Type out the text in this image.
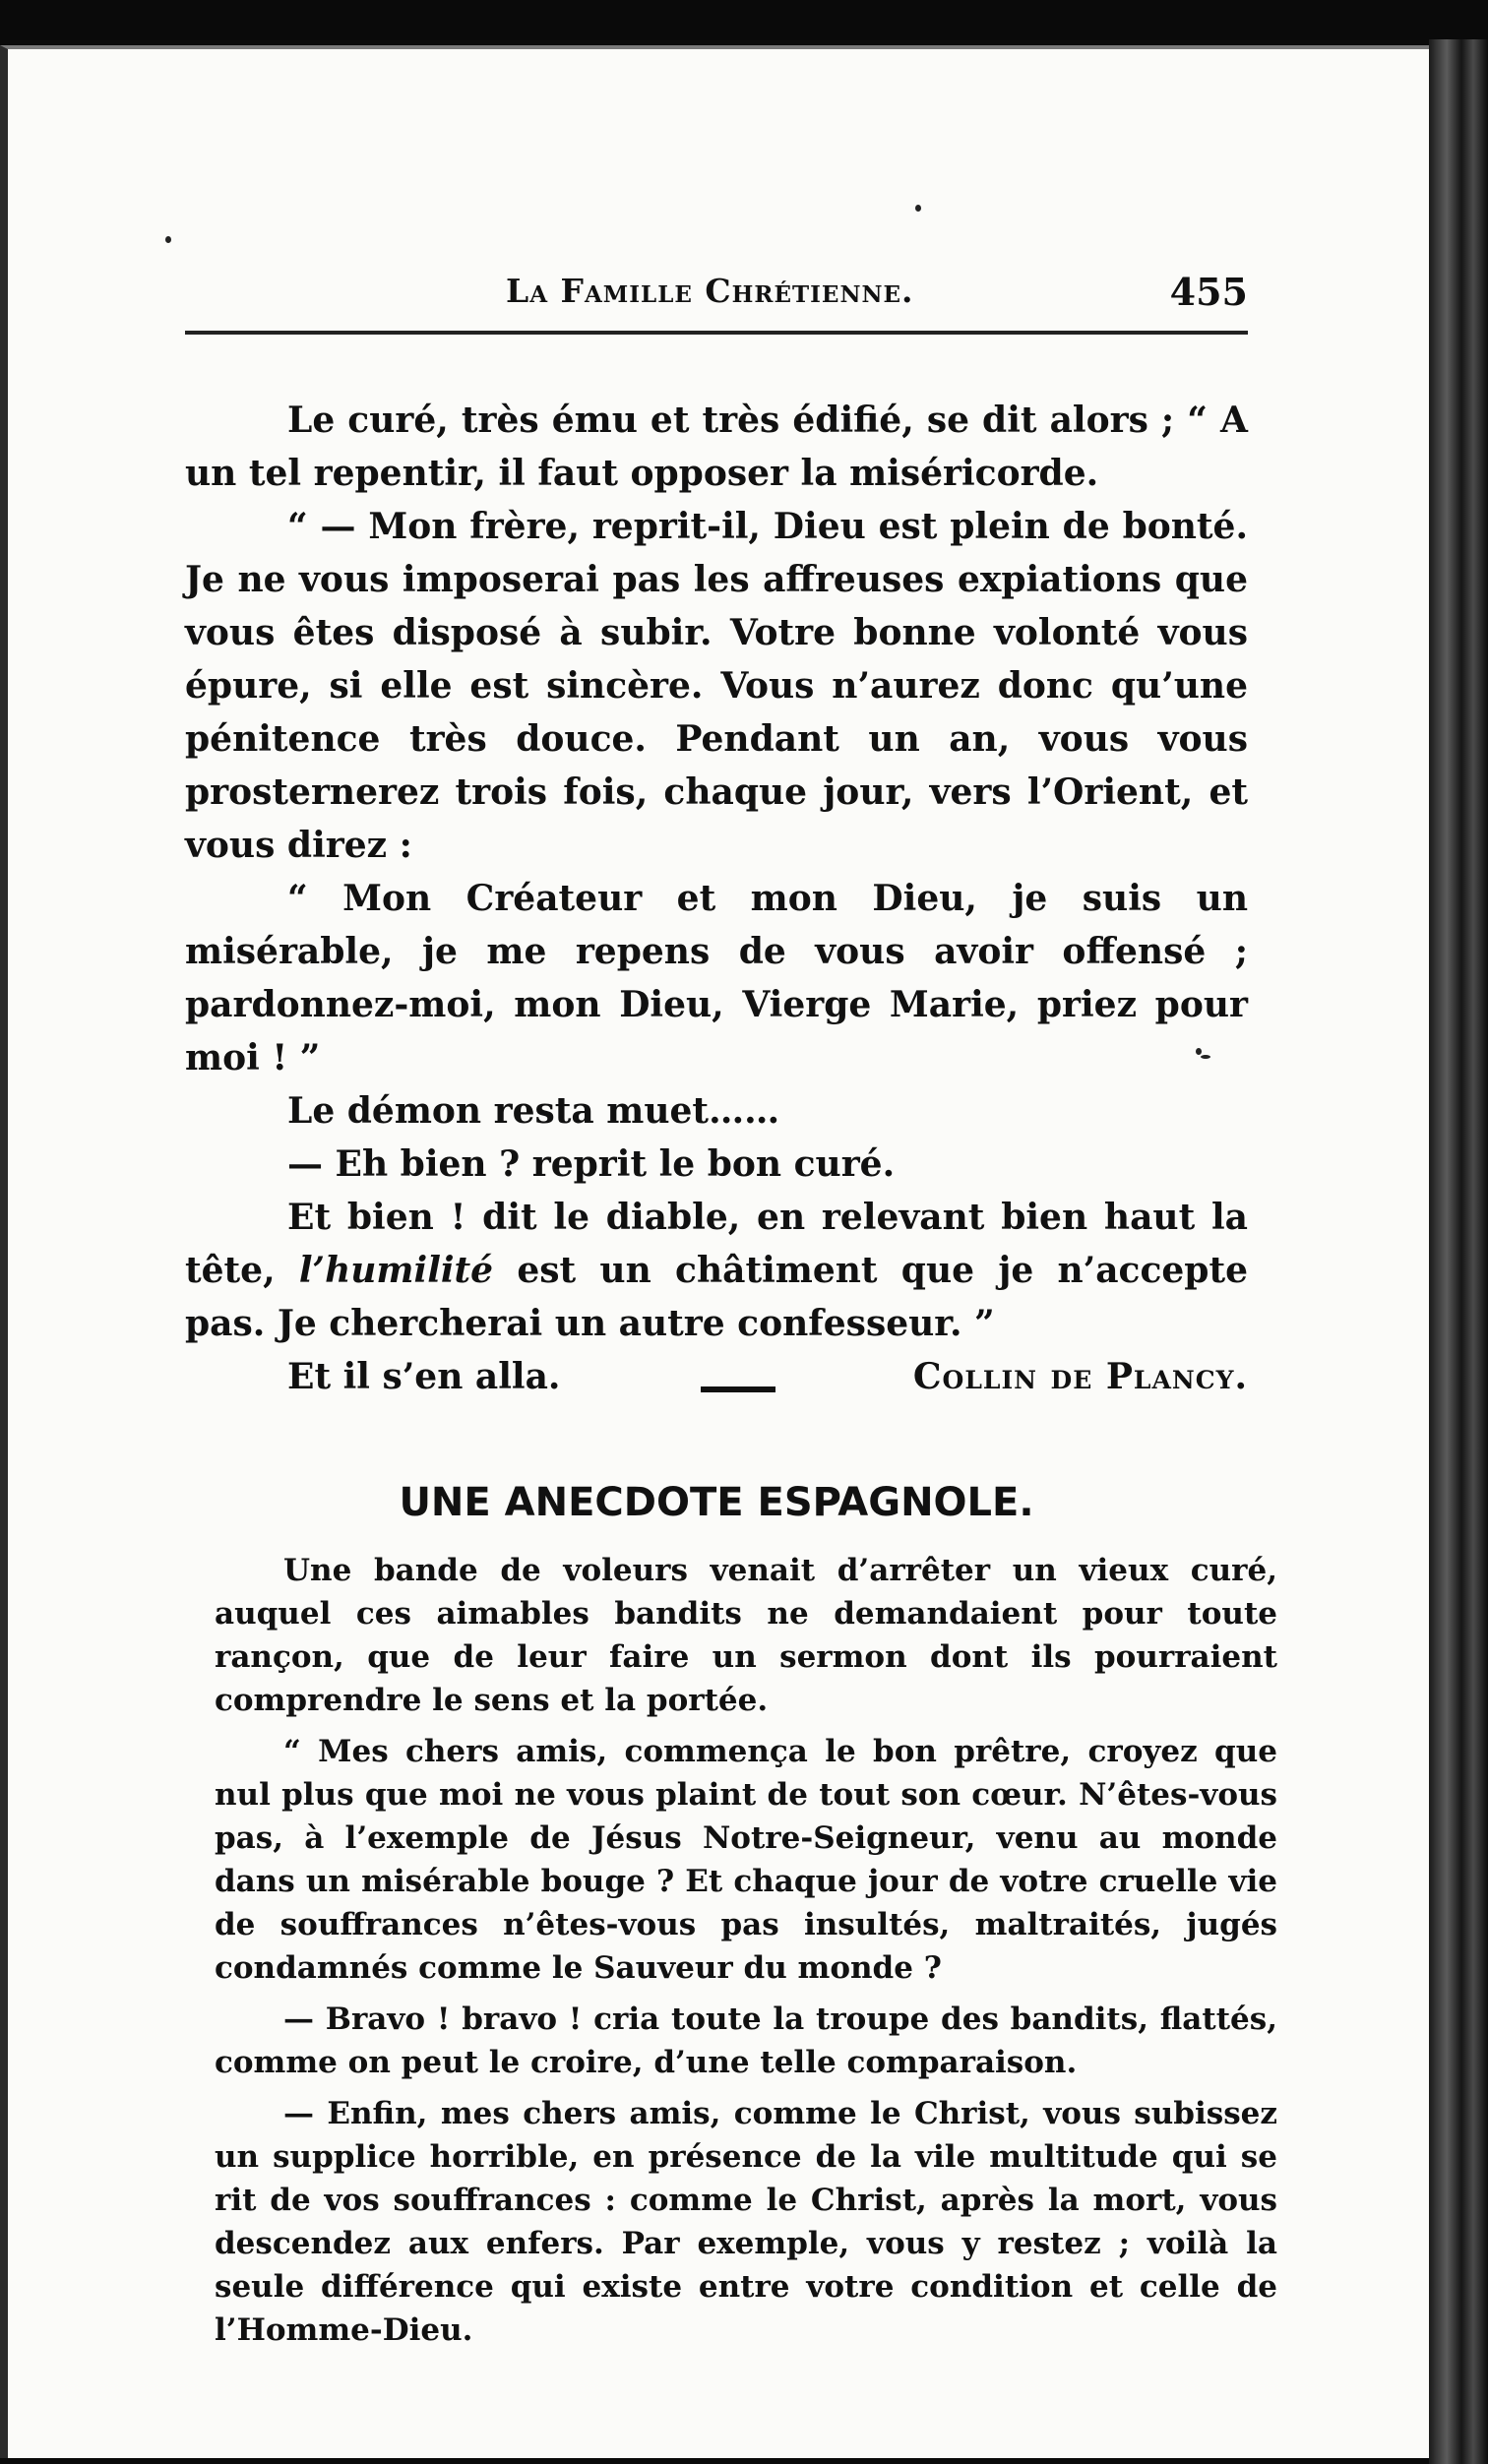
La Famille Chrétienne.	455

Le curé, très ému et très édifié, se dit alors ; “ A un tel repentir, il faut opposer la miséricorde.

“ — Mon frère, reprit-il, Dieu est plein de bonté. Je ne vous imposerai pas les affreuses expiations que vous êtes disposé à subir. Votre bonne volonté vous épure, si elle est sincère. Vous n’aurez donc qu’une pénitence très douce. Pendant un an, vous vous prosternerez trois fois, chaque jour, vers l’Orient, et vous direz :

“ Mon Créateur et mon Dieu, je suis un misérable, je me repens de vous avoir offensé ; pardonnez-moi, mon Dieu, Vierge Marie, priez pour moi ! ”

Le démon resta muet……

— Eh bien ? reprit le bon curé.

Et bien ! dit le diable, en relevant bien haut la tête, l’humilité est un châtiment que je n’accepte pas. Je chercherai un autre confesseur. ”

Et il s’en alla.	Collin de Plancy.
UNE ANECDOTE ESPAGNOLE.

Une bande de voleurs venait d’arrêter un vieux curé, auquel ces aimables bandits ne demandaient pour toute rançon, que de leur faire un sermon dont ils pourraient comprendre le sens et la portée.

“ Mes chers amis, commença le bon prêtre, croyez que nul plus que moi ne vous plaint de tout son cœur. N’êtes-vous pas, à l’exemple de Jésus Notre-Seigneur, venu au monde dans un misérable bouge ? Et chaque jour de votre cruelle vie de souffrances n’êtes-vous pas insultés, maltraités, jugés condamnés comme le Sauveur du monde ?

— Bravo ! bravo ! cria toute la troupe des bandits, flattés, comme on peut le croire, d’une telle comparaison.

— Enfin, mes chers amis, comme le Christ, vous subissez un supplice horrible, en présence de la vile multitude qui se rit de vos souffrances : comme le Christ, après la mort, vous descendez aux enfers. Par exemple, vous y restez ; voilà la seule différence qui existe entre votre condition et celle de l’Homme-Dieu.
